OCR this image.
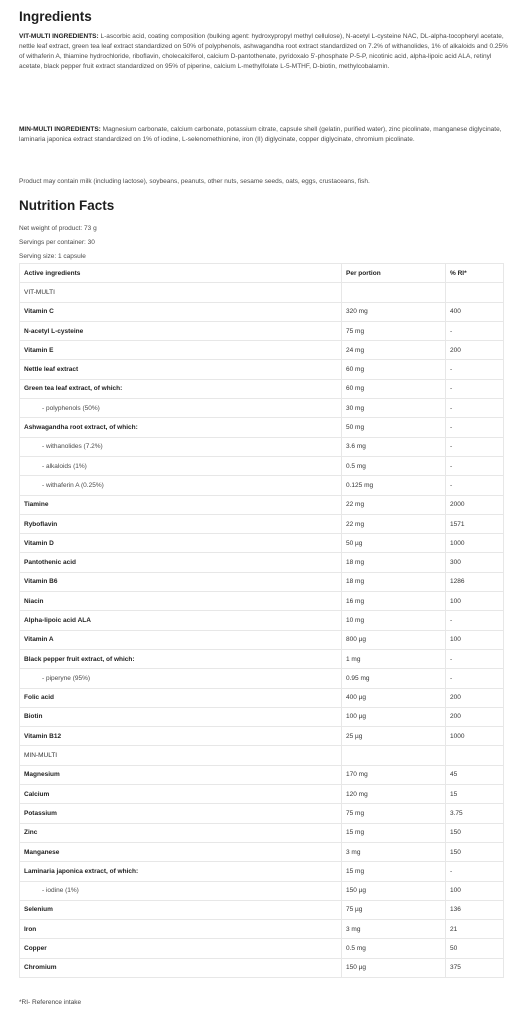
Ingredients

VIT-MULTI INGREDIENTS: L-ascorbic acid, coating composition (bulking agent: hydroxypropyl methyl cellulose), N-acetyl L-cysteine NAC, DL-alpha-tocopheryl acetate, nettle leaf extract, green tea leaf extract standardized on 50% of polyphenols, ashwagandha root extract standardized on 7.2% of withanolides, 1% of alkaloids and 0.25% of withaferin A, thiamine hydrochloride, riboflavin, cholecalciferol, calcium D-pantothenate, pyridoxalo 5'-phosphate P-5-P, nicotinic acid, alpha-lipoic acid ALA, retinyl acetate, black pepper fruit extract standardized on 95% of piperine, calcium L-methylfolate L-5-MTHF, D-biotin, methylcobalamin.

MIN-MULTI INGREDIENTS: Magnesium carbonate, calcium carbonate, potassium citrate, capsule shell (gelatin, purified water), zinc picolinate, manganese diglycinate, laminaria japonica extract standardized on 1% of iodine, L-selenomethionine, iron (II) diglycinate, copper diglycinate, chromium picolinate.

Product may contain milk (including lactose), soybeans, peanuts, other nuts, sesame seeds, oats, eggs, crustaceans, fish.

Nutrition Facts
Net weight of product: 73 g
Servings per container: 30
Serving size: 1 capsule
Active ingredients	Per portion	% RI*
VIT-MULTI		
Vitamin C	320 mg	400
N-acetyl L-cysteine	75 mg	-
Vitamin E	24 mg	200
Nettle leaf extract	60 mg	-
Green tea leaf extract, of which:	60 mg	-
- polyphenols (50%)	30 mg	-
Ashwagandha root extract, of which:	50 mg	-
- withanolides (7.2%)	3.6 mg	-
- alkaloids (1%)	0.5 mg	-
- withaferin A (0.25%)	0.125 mg	-
Tiamine	22 mg	2000
Ryboflavin	22 mg	1571
Vitamin D	50 µg	1000
Pantothenic acid	18 mg	300
Vitamin B6	18 mg	1286
Niacin	16 mg	100
Alpha-lipoic acid ALA	10 mg	-
Vitamin A	800 µg	100
Black pepper fruit extract, of which:	1 mg	-
- piperyne (95%)	0.95 mg	-
Folic acid	400 µg	200
Biotin	100 µg	200
Vitamin B12	25 µg	1000
MIN-MULTI		
Magnesium	170 mg	45
Calcium	120 mg	15
Potassium	75 mg	3.75
Zinc	15 mg	150
Manganese	3 mg	150
Laminaria japonica extract, of which:	15 mg	-
- iodine (1%)	150 µg	100
Selenium	75 µg	136
Iron	3 mg	21
Copper	0.5 mg	50
Chromium	150 µg	375
*RI- Reference intake
